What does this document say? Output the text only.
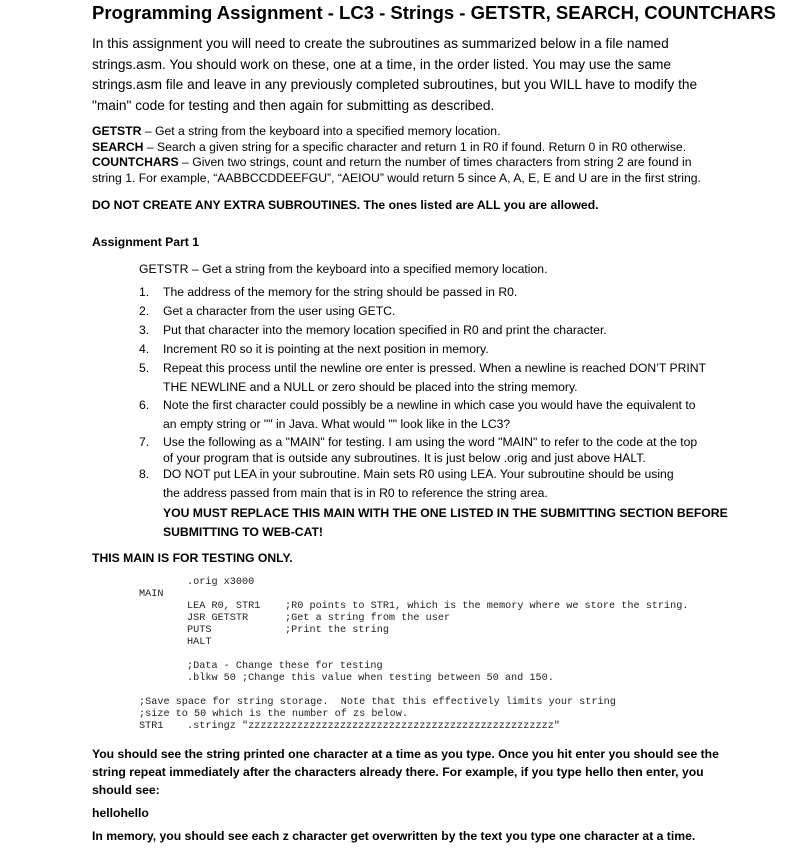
Programming Assignment - LC3 - Strings - GETSTR, SEARCH, COUNTCHARS
In this assignment you will need to create the subroutines as summarized below in a file named
strings.asm. You should work on these, one at a time, in the order listed. You may use the same
strings.asm file and leave in any previously completed subroutines, but you WILL have to modify the
"main" code for testing and then again for submitting as described.
GETSTR – Get a string from the keyboard into a specified memory location.
SEARCH – Search a given string for a specific character and return 1 in R0 if found. Return 0 in R0 otherwise.
COUNTCHARS – Given two strings, count and return the number of times characters from string 2 are found in
string 1. For example, “AABBCCDDEEFGU”, “AEIOU” would return 5 since A, A, E, E and U are in the first string.
DO NOT CREATE ANY EXTRA SUBROUTINES. The ones listed are ALL you are allowed.
Assignment Part 1
GETSTR – Get a string from the keyboard into a specified memory location.
1. The address of the memory for the string should be passed in R0.
2. Get a character from the user using GETC.
3. Put that character into the memory location specified in R0 and print the character.
4. Increment R0 so it is pointing at the next position in memory.
5. Repeat this process until the newline ore enter is pressed. When a newline is reached DON’T PRINT
THE NEWLINE and a NULL or zero should be placed into the string memory.
6. Note the first character could possibly be a newline in which case you would have the equivalent to
an empty string or "" in Java. What would "" look like in the LC3?
7. Use the following as a "MAIN" for testing. I am using the word "MAIN" to refer to the code at the top
of your program that is outside any subroutines. It is just below .orig and just above HALT.
8. DO NOT put LEA in your subroutine. Main sets R0 using LEA. Your subroutine should be using
the address passed from main that is in R0 to reference the string area.
YOU MUST REPLACE THIS MAIN WITH THE ONE LISTED IN THE SUBMITTING SECTION BEFORE
SUBMITTING TO WEB-CAT!
THIS MAIN IS FOR TESTING ONLY.
.orig x3000
MAIN
LEA R0, STR1 ;R0 points to STR1, which is the memory where we store the string.
JSR GETSTR	;Get a string from the user
PUTS	;Print the string
HALT
;Data - Change these for testing
.blkw 50 ;Change this value when testing between 50 and 150.
;Save space for string storage.  Note that this effectively limits your string
;size to 50 which is the number of zs below.
STR1 .stringz "zzzzzzzzzzzzzzzzzzzzzzzzzzzzzzzzzzzzzzzzzzzzzzzzzz"
You should see the string printed one character at a time as you type. Once you hit enter you should see the
string repeat immediately after the characters already there. For example, if you type hello then enter, you
should see:
hellohello
In memory, you should see each z character get overwritten by the text you type one character at a time.
